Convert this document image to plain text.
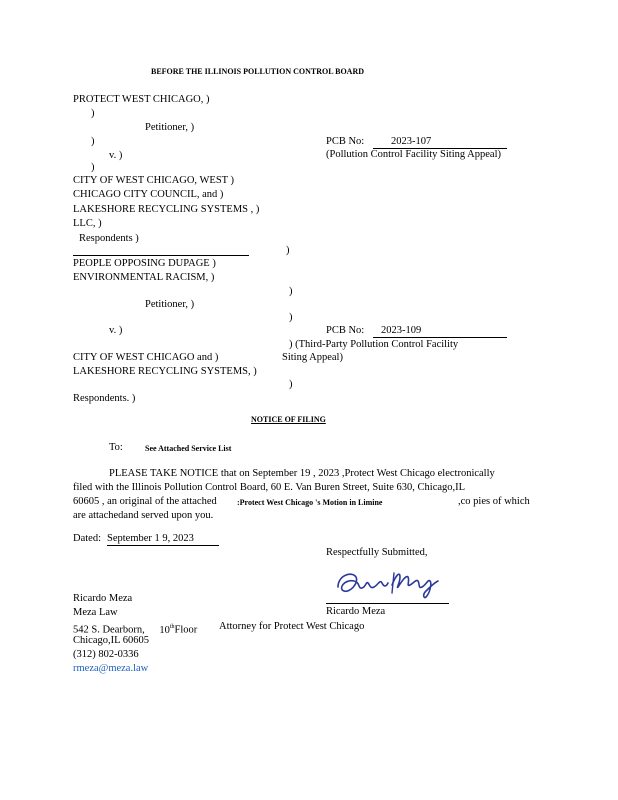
BEFORE THE ILLINOIS POLLUTION CONTROL BOARD
PROTECT WEST CHICAGO, )
)
Petitioner, )
)	PCB No:	2023-107
(Pollution Control Facility Siting Appeal)
v. )
)
CITY OF WEST CHICAGO, WEST )
CHICAGO CITY COUNCIL, and )
LAKESHORE RECYCLING SYSTEMS , )
LLC, )
Respondents )
)
PEOPLE OPPOSING DUPAGE )
ENVIRONMENTAL RACISM, )
)
Petitioner, )
)
v. )	PCB No: 2023-109
) (Third-Party Pollution Control Facility
CITY OF WEST CHICAGO and )	Siting Appeal)
LAKESHORE RECYCLING SYSTEMS, )
)
Respondents. )
NOTICE OF FILING
To:	See Attached Service List
PLEASE TAKE NOTICE that on September 19 , 2023 ,Protect West Chicago electronically
filed with the Illinois Pollution Control Board, 60 E. Van Buren Street, Suite 630, Chicago,IL
60605 , an original of the attached	:Protect West Chicago 's Motion in Limine	,co pies of which
are attachedand served upon you.
Dated: September 1 9, 2023
Respectfully Submitted,
Ricardo Meza
Attorney for Protect West Chicago
Ricardo Meza
Meza Law
542 S. Dearborn, 10thFloor
Chicago,IL 60605
(312) 802-0336
rmeza@meza.law
